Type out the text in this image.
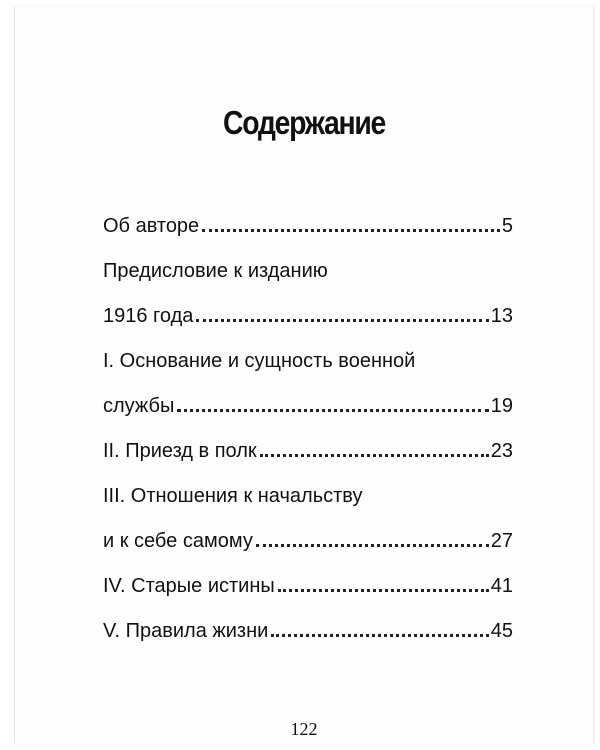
Содержание
Об авторе	5
Предисловие к изданию
1916 года	13
I. Основание и сущность военной
службы	19
II. Приезд в полк	23
III. Отношения к начальству
и к себе самому	27
IV. Старые истины	41
V. Правила жизни	45
122
